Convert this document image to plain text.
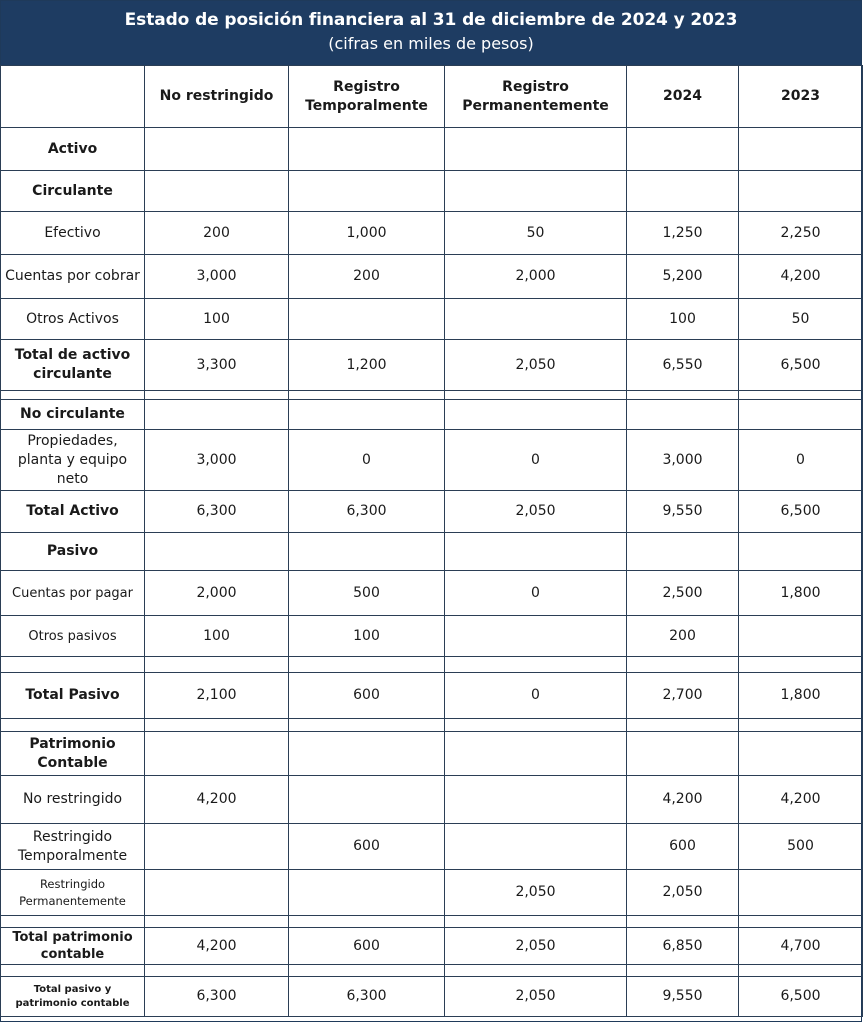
Estado de posición financiera al 31 de diciembre de 2024 y 2023
(cifras en miles de pesos)
	No restringido	Registro Temporalmente	Registro Permanentemente	2024	2023
Activo					
Circulante					
Efectivo	200	1,000	50	1,250	2,250
Cuentas por cobrar	3,000	200	2,000	5,200	4,200
Otros Activos	100			100	50
Total de activo circulante	3,300	1,200	2,050	6,550	6,500

No circulante					
Propiedades, planta y equipo neto	3,000	0	0	3,000	0
Total Activo	6,300	6,300	2,050	9,550	6,500
Pasivo					
Cuentas por pagar	2,000	500	0	2,500	1,800
Otros pasivos	100	100		200	

Total Pasivo	2,100	600	0	2,700	1,800

Patrimonio Contable					
No restringido	4,200			4,200	4,200
Restringido Temporalmente		600		600	500
Restringido Permanentemente			2,050	2,050	

Total patrimonio contable	4,200	600	2,050	6,850	4,700

Total pasivo y patrimonio contable	6,300	6,300	2,050	9,550	6,500
